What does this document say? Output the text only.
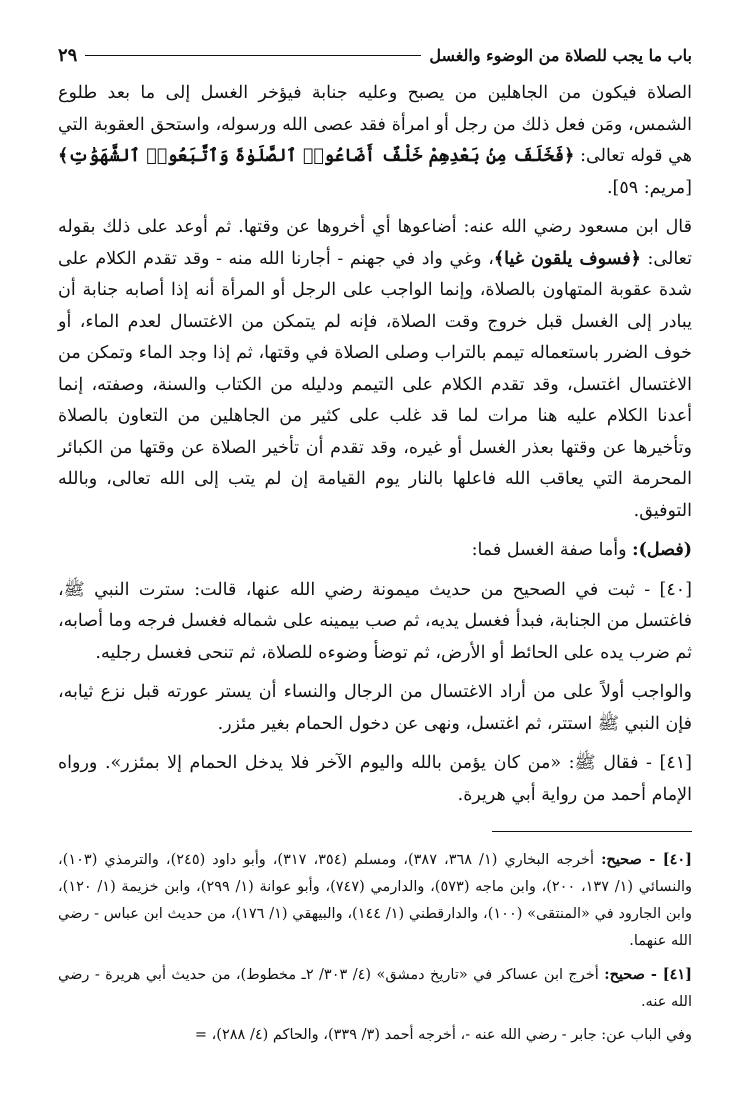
باب ما يجب للصلاة من الوضوء والغسل
٢٩

الصلاة فيكون من الجاهلين من يصبح وعليه جنابة فيؤخر الغسل إلى ما بعد طلوع الشمس، ومَن فعل ذلك من رجل أو امرأة فقد عصى الله ورسوله، واستحق العقوبة التي هي قوله تعالى: ﴿فَخَلَفَ مِنۢ بَعْدِهِمْ خَلْفٌ أَضَاعُوا۟ ٱلصَّلَوٰةَ وَٱتَّبَعُوا۟ ٱلشَّهَوَٰتِ﴾ [مريم: ٥٩].

قال ابن مسعود رضي الله عنه: أضاعوها أي أخروها عن وقتها. ثم أوعد على ذلك بقوله تعالى: ﴿فسوف يلقون غيا﴾، وغي واد في جهنم - أجارنا الله منه - وقد تقدم الكلام على شدة عقوبة المتهاون بالصلاة، وإنما الواجب على الرجل أو المرأة أنه إذا أصابه جنابة أن يبادر إلى الغسل قبل خروج وقت الصلاة، فإنه لم يتمكن من الاغتسال لعدم الماء، أو خوف الضرر باستعماله تيمم بالتراب وصلى الصلاة في وقتها، ثم إذا وجد الماء وتمكن من الاغتسال اغتسل، وقد تقدم الكلام على التيمم ودليله من الكتاب والسنة، وصفته، إنما أعدنا الكلام عليه هنا مرات لما قد غلب على كثير من الجاهلين من التعاون بالصلاة وتأخيرها عن وقتها بعذر الغسل أو غيره، وقد تقدم أن تأخير الصلاة عن وقتها من الكبائر المحرمة التي يعاقب الله فاعلها بالنار يوم القيامة إن لم يتب إلى الله تعالى، وبالله التوفيق.

(فصل): وأما صفة الغسل فما:

[٤٠] - ثبت في الصحيح من حديث ميمونة رضي الله عنها، قالت: سترت النبي ﷺ، فاغتسل من الجنابة، فبدأ فغسل يديه، ثم صب بيمينه على شماله فغسل فرجه وما أصابه، ثم ضرب يده على الحائط أو الأرض، ثم توضأ وضوءه للصلاة، ثم تنحى فغسل رجليه.

والواجب أولاً على من أراد الاغتسال من الرجال والنساء أن يستر عورته قبل نزع ثيابه، فإن النبي ﷺ استتر، ثم اغتسل، ونهى عن دخول الحمام بغير مئزر.

[٤١] - فقال ﷺ: «من كان يؤمن بالله واليوم الآخر فلا يدخل الحمام إلا بمئزر». ورواه الإمام أحمد من رواية أبي هريرة.

[٤٠] - صحيح: أخرجه البخاري (١/ ٣٦٨، ٣٨٧)، ومسلم (٣٥٤، ٣١٧)، وأبو داود (٢٤٥)، والترمذي (١٠٣)، والنسائي (١/ ١٣٧، ٢٠٠)، وابن ماجه (٥٧٣)، والدارمي (٧٤٧)، وأبو عوانة (١/ ٢٩٩)، وابن خزيمة (١/ ١٢٠)، وابن الجارود في «المنتقى» (١٠٠)، والدارقطني (١/ ١٤٤)، والبيهقي (١/ ١٧٦)، من حديث ابن عباس - رضي الله عنهما.

[٤١] - صحيح: أخرج ابن عساكر في «تاريخ دمشق» (٤/ ٣٠٣/ ٢ـ مخطوط)، من حديث أبي هريرة - رضي الله عنه.

وفي الباب عن: جابر - رضي الله عنه -، أخرجه أحمد (٣/ ٣٣٩)، والحاكم (٤/ ٢٨٨)، =
